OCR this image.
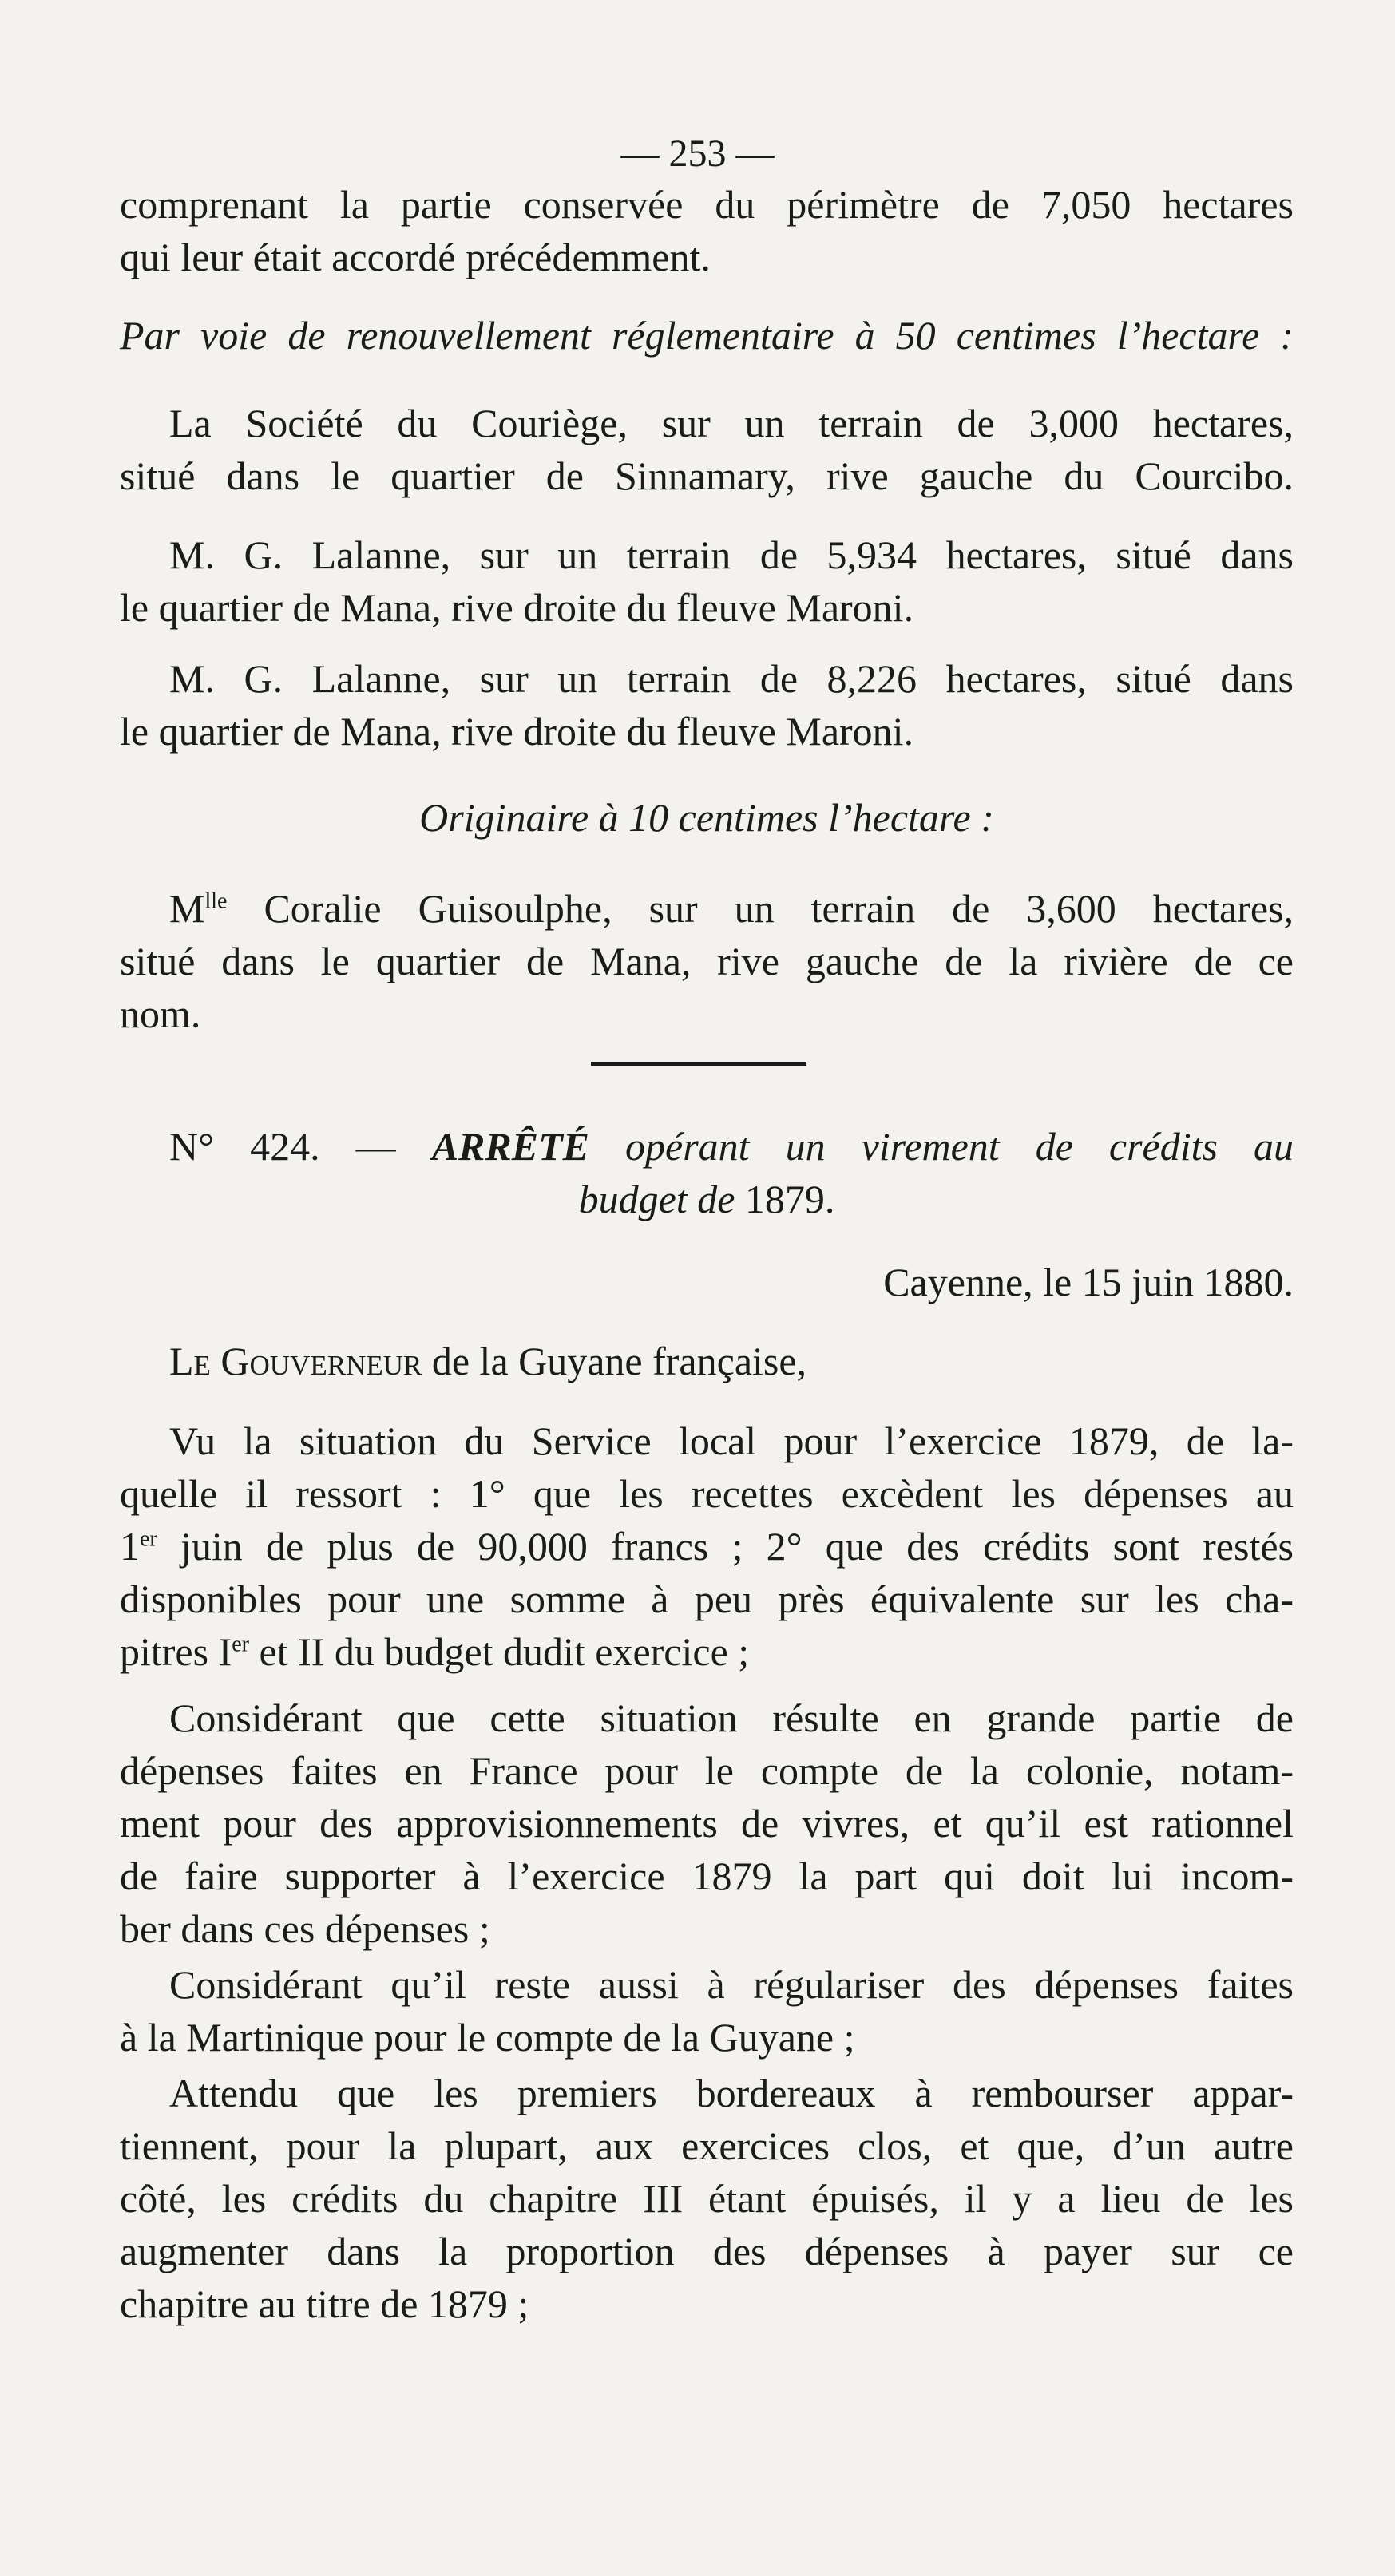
— 253 —
comprenant la partie conservée du périmètre de 7,050 hectares
qui leur était accordé précédemment.
Par voie de renouvellement réglementaire à 50 centimes l’hectare :
La Société du Couriège, sur un terrain de 3,000 hectares,
situé dans le quartier de Sinnamary, rive gauche du Courcibo.
M. G. Lalanne, sur un terrain de 5,934 hectares, situé dans
le quartier de Mana, rive droite du fleuve Maroni.
M. G. Lalanne, sur un terrain de 8,226 hectares, situé dans
le quartier de Mana, rive droite du fleuve Maroni.
Originaire à 10 centimes l’hectare :
$M^{lle}$ Coralie Guisoulphe, sur un terrain de 3,600 hectares,
situé dans le quartier de Mana, rive gauche de la rivière de ce
nom.
N° 424. — ARRÊTÉ opérant un virement de crédits au
budget de 1879.
Cayenne, le 15 juin 1880.
Le Gouverneur de la Guyane française,
Vu la situation du Service local pour l’exercice 1879, de la-
quelle il ressort : 1° que les recettes excèdent les dépenses au
1er juin de plus de 90,000 francs ; 2° que des crédits sont restés
disponibles pour une somme à peu près équivalente sur les cha-
pitres Ier et II du budget dudit exercice ;
Considérant que cette situation résulte en grande partie de
dépenses faites en France pour le compte de la colonie, notam-
ment pour des approvisionnements de vivres, et qu’il est rationnel
de faire supporter à l’exercice 1879 la part qui doit lui incom-
ber dans ces dépenses ;
Considérant qu’il reste aussi à régulariser des dépenses faites
à la Martinique pour le compte de la Guyane ;
Attendu que les premiers bordereaux à rembourser appar-
tiennent, pour la plupart, aux exercices clos, et que, d’un autre
côté, les crédits du chapitre III étant épuisés, il y a lieu de les
augmenter dans la proportion des dépenses à payer sur ce
chapitre au titre de 1879 ;
